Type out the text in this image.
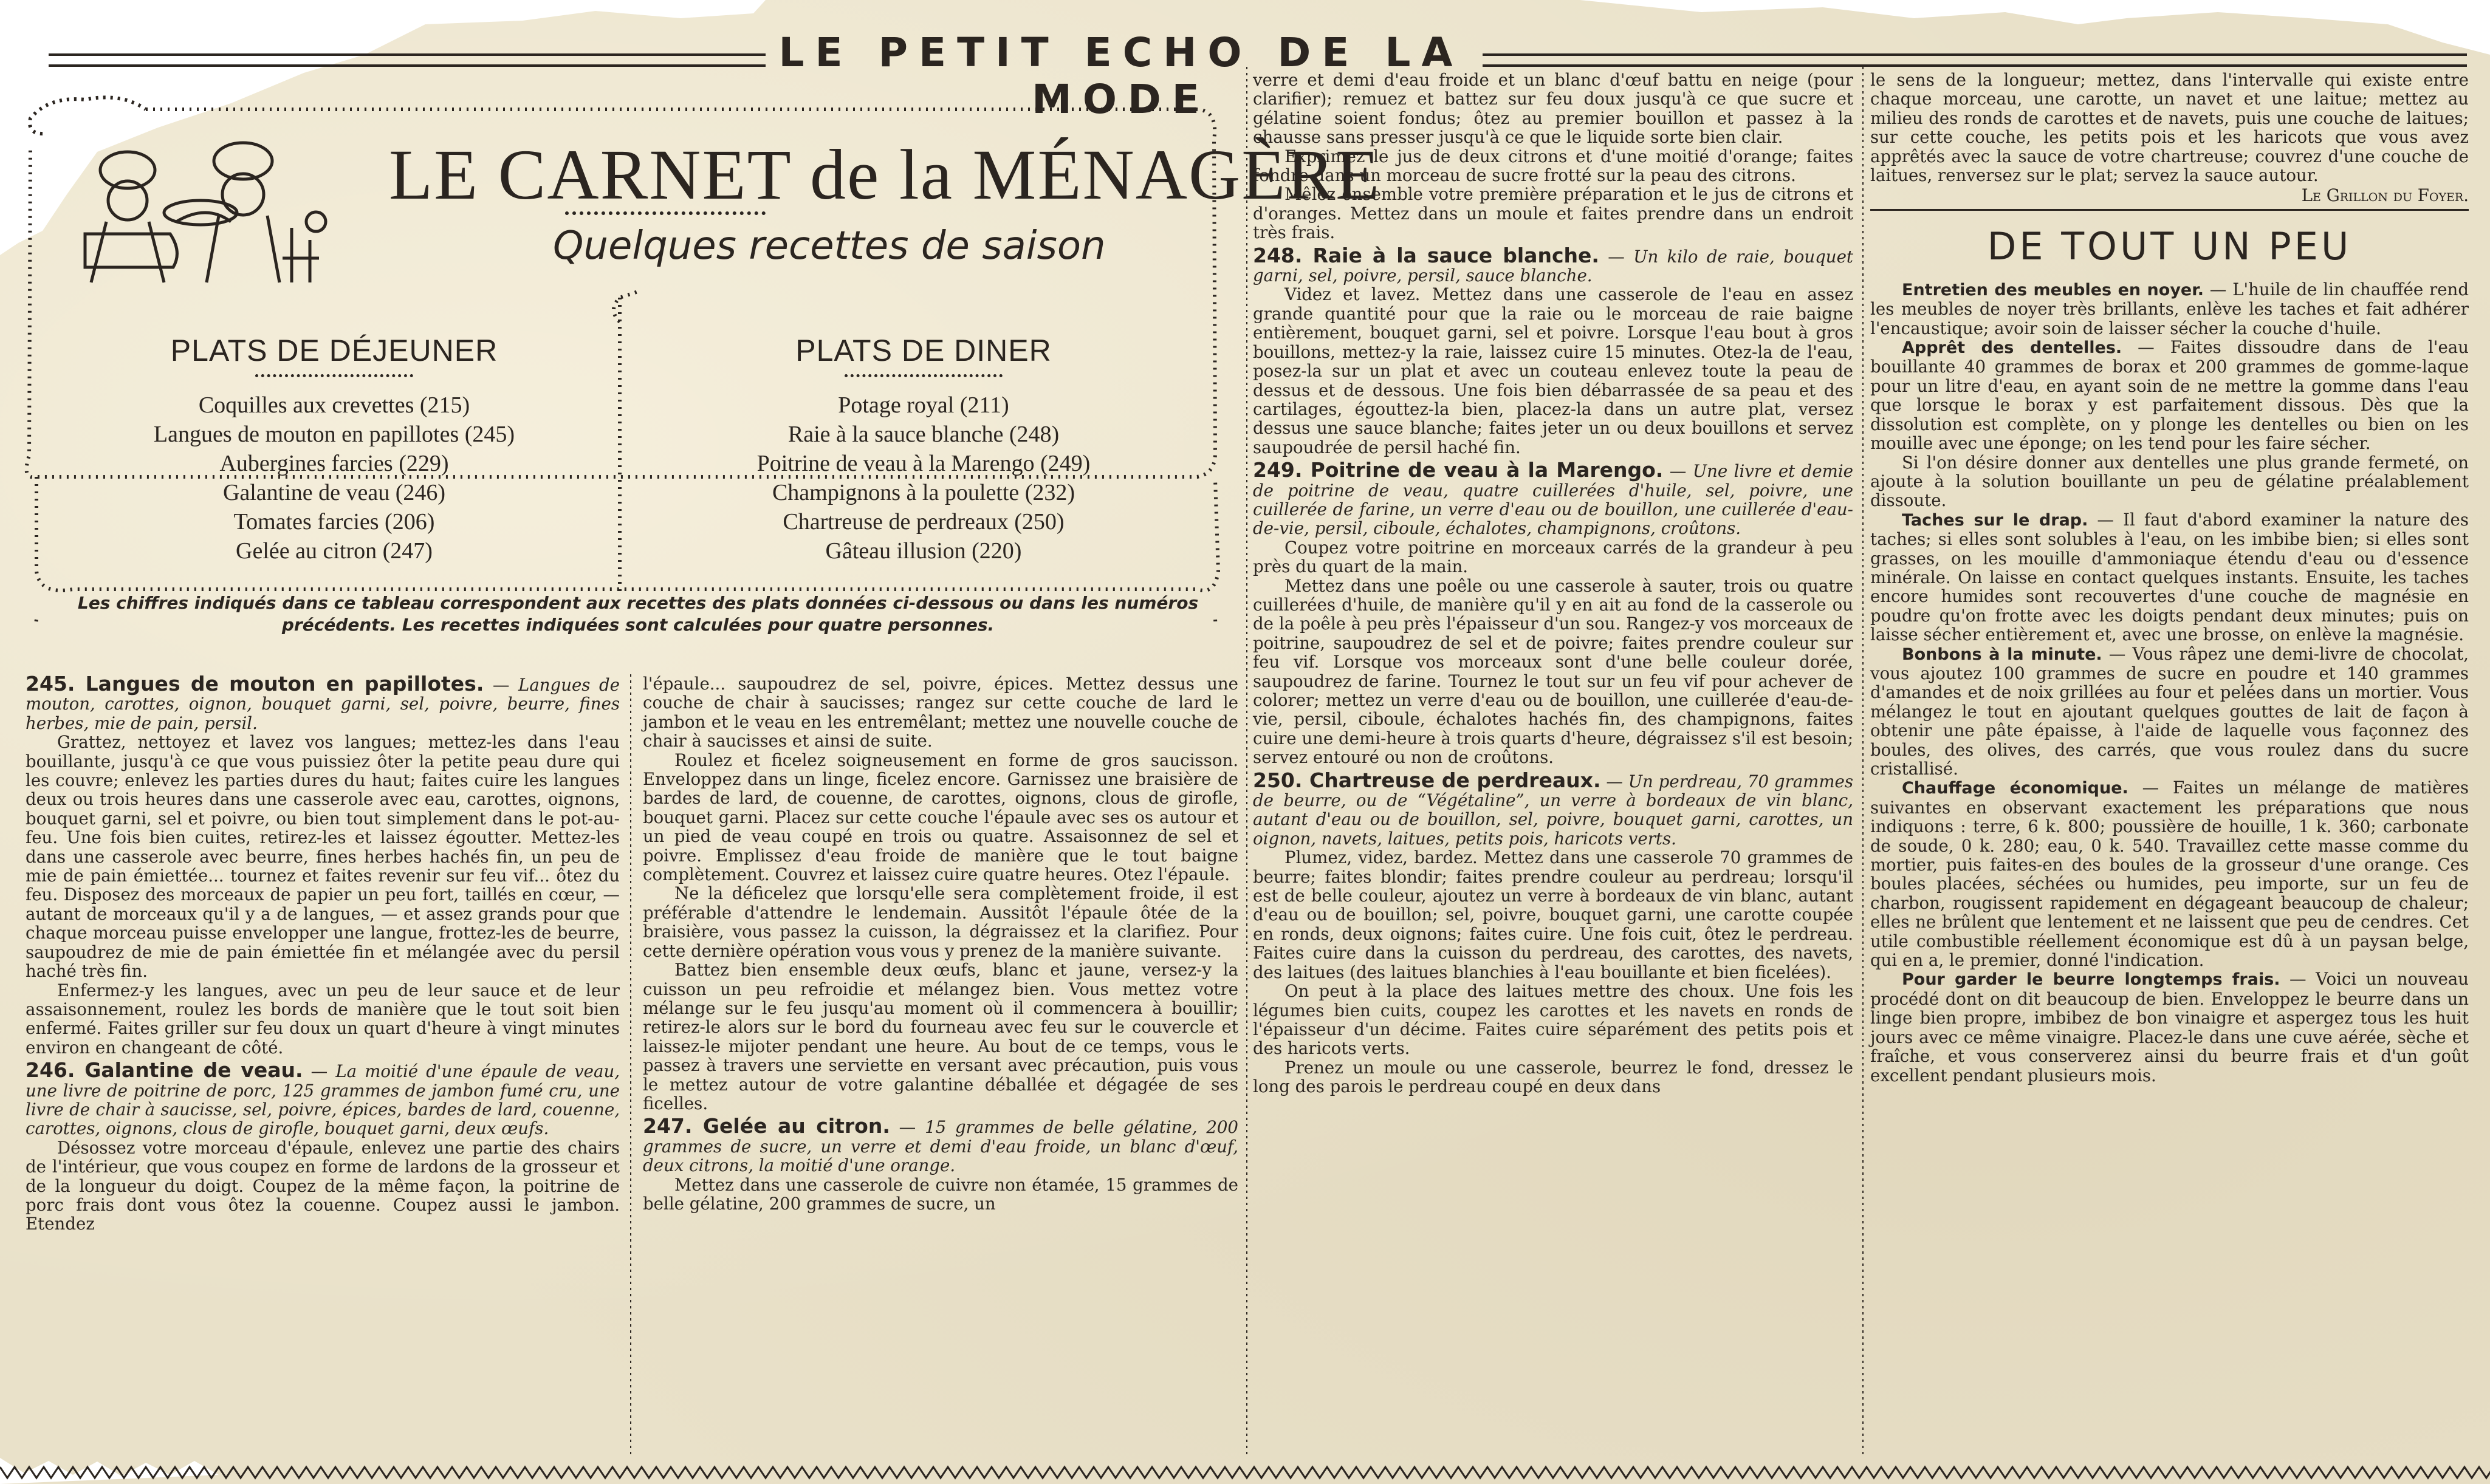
LE PETIT ECHO DE LA MODE
LE CARNET de la MÉNAGÈRE
Quelques recettes de saison
PLATS DE DÉJEUNER
Coquilles aux crevettes (215)
Langues de mouton en papillotes (245)
Aubergines farcies (229)
Galantine de veau (246)
Tomates farcies (206)
Gelée au citron (247)
PLATS DE DINER
Potage royal (211)
Raie à la sauce blanche (248)
Poitrine de veau à la Marengo (249)
Champignons à la poulette (232)
Chartreuse de perdreaux (250)
Gâteau illusion (220)
Les chiffres indiqués dans ce tableau correspondent aux recettes des plats données ci-dessous ou dans les numéros
précédents. Les recettes indiquées sont calculées pour quatre personnes.

245. Langues de mouton en papillotes. — Langues de mouton, carottes, oignon, bouquet garni, sel, poivre, beurre, fines herbes, mie de pain, persil.

Grattez, nettoyez et lavez vos langues; mettez-les dans l'eau bouillante, jusqu'à ce que vous puissiez ôter la petite peau dure qui les couvre; enlevez les parties dures du haut; faites cuire les langues deux ou trois heures dans une casserole avec eau, carottes, oignons, bouquet garni, sel et poivre, ou bien tout simplement dans le pot-au-feu. Une fois bien cuites, retirez-les et laissez égoutter. Mettez-les dans une casserole avec beurre, fines herbes hachés fin, un peu de mie de pain émiettée... tournez et faites revenir sur feu vif... ôtez du feu. Disposez des morceaux de papier un peu fort, taillés en cœur, — autant de morceaux qu'il y a de langues, — et assez grands pour que chaque morceau puisse envelopper une langue, frottez-les de beurre, saupoudrez de mie de pain émiettée fin et mélangée avec du persil haché très fin.

Enfermez-y les langues, avec un peu de leur sauce et de leur assaisonnement, roulez les bords de manière que le tout soit bien enfermé. Faites griller sur feu doux un quart d'heure à vingt minutes environ en changeant de côté.

246. Galantine de veau. — La moitié d'une épaule de veau, une livre de poitrine de porc, 125 grammes de jambon fumé cru, une livre de chair à saucisse, sel, poivre, épices, bardes de lard, couenne, carottes, oignons, clous de girofle, bouquet garni, deux œufs.

Désossez votre morceau d'épaule, enlevez une partie des chairs de l'intérieur, que vous coupez en forme de lardons de la grosseur et de la longueur du doigt. Coupez de la même façon, la poitrine de porc frais dont vous ôtez la couenne. Coupez aussi le jambon. Etendez

l'épaule... saupoudrez de sel, poivre, épices. Mettez dessus une couche de chair à saucisses; rangez sur cette couche de lard le jambon et le veau en les entremêlant; mettez une nouvelle couche de chair à saucisses et ainsi de suite.

Roulez et ficelez soigneusement en forme de gros saucisson. Enveloppez dans un linge, ficelez encore. Garnissez une braisière de bardes de lard, de couenne, de carottes, oignons, clous de girofle, bouquet garni. Placez sur cette couche l'épaule avec ses os autour et un pied de veau coupé en trois ou quatre. Assaisonnez de sel et poivre. Emplissez d'eau froide de manière que le tout baigne complètement. Couvrez et laissez cuire quatre heures. Otez l'épaule.

Ne la déficelez que lorsqu'elle sera complètement froide, il est préférable d'attendre le lendemain. Aussitôt l'épaule ôtée de la braisière, vous passez la cuisson, la dégraissez et la clarifiez. Pour cette dernière opération vous vous y prenez de la manière suivante.

Battez bien ensemble deux œufs, blanc et jaune, versez-y la cuisson un peu refroidie et mélangez bien. Vous mettez votre mélange sur le feu jusqu'au moment où il commencera à bouillir; retirez-le alors sur le bord du fourneau avec feu sur le couvercle et laissez-le mijoter pendant une heure. Au bout de ce temps, vous le passez à travers une serviette en versant avec précaution, puis vous le mettez autour de votre galantine déballée et dégagée de ses ficelles.

247. Gelée au citron. — 15 grammes de belle gélatine, 200 grammes de sucre, un verre et demi d'eau froide, un blanc d'œuf, deux citrons, la moitié d'une orange.

Mettez dans une casserole de cuivre non étamée, 15 grammes de belle gélatine, 200 grammes de sucre, un

verre et demi d'eau froide et un blanc d'œuf battu en neige (pour clarifier); remuez et battez sur feu doux jusqu'à ce que sucre et gélatine soient fondus; ôtez au premier bouillon et passez à la chausse sans presser jusqu'à ce que le liquide sorte bien clair.

Exprimez le jus de deux citrons et d'une moitié d'orange; faites fondre dans un morceau de sucre frotté sur la peau des citrons.

Mêlez ensemble votre première préparation et le jus de citrons et d'oranges. Mettez dans un moule et faites prendre dans un endroit très frais.

248. Raie à la sauce blanche. — Un kilo de raie, bouquet garni, sel, poivre, persil, sauce blanche.

Videz et lavez. Mettez dans une casserole de l'eau en assez grande quantité pour que la raie ou le morceau de raie baigne entièrement, bouquet garni, sel et poivre. Lorsque l'eau bout à gros bouillons, mettez-y la raie, laissez cuire 15 minutes. Otez-la de l'eau, posez-la sur un plat et avec un couteau enlevez toute la peau de dessus et de dessous. Une fois bien débarrassée de sa peau et des cartilages, égouttez-la bien, placez-la dans un autre plat, versez dessus une sauce blanche; faites jeter un ou deux bouillons et servez saupoudrée de persil haché fin.

249. Poitrine de veau à la Marengo. — Une livre et demie de poitrine de veau, quatre cuillerées d'huile, sel, poivre, une cuillerée de farine, un verre d'eau ou de bouillon, une cuillerée d'eau-de-vie, persil, ciboule, échalotes, champignons, croûtons.

Coupez votre poitrine en morceaux carrés de la grandeur à peu près du quart de la main.

Mettez dans une poêle ou une casserole à sauter, trois ou quatre cuillerées d'huile, de manière qu'il y en ait au fond de la casserole ou de la poêle à peu près l'épaisseur d'un sou. Rangez-y vos morceaux de poitrine, saupoudrez de sel et de poivre; faites prendre couleur sur feu vif. Lorsque vos morceaux sont d'une belle couleur dorée, saupoudrez de farine. Tournez le tout sur un feu vif pour achever de colorer; mettez un verre d'eau ou de bouillon, une cuillerée d'eau-de-vie, persil, ciboule, échalotes hachés fin, des champignons, faites cuire une demi-heure à trois quarts d'heure, dégraissez s'il est besoin; servez entouré ou non de croûtons.

250. Chartreuse de perdreaux. — Un perdreau, 70 grammes de beurre, ou de “Végétaline”, un verre à bordeaux de vin blanc, autant d'eau ou de bouillon, sel, poivre, bouquet garni, carottes, un oignon, navets, laitues, petits pois, haricots verts.

Plumez, videz, bardez. Mettez dans une casserole 70 grammes de beurre; faites blondir; faites prendre couleur au perdreau; lorsqu'il est de belle couleur, ajoutez un verre à bordeaux de vin blanc, autant d'eau ou de bouillon; sel, poivre, bouquet garni, une carotte coupée en ronds, deux oignons; faites cuire. Une fois cuit, ôtez le perdreau. Faites cuire dans la cuisson du perdreau, des carottes, des navets, des laitues (des laitues blanchies à l'eau bouillante et bien ficelées).

On peut à la place des laitues mettre des choux. Une fois les légumes bien cuits, coupez les carottes et les navets en ronds de l'épaisseur d'un décime. Faites cuire séparément des petits pois et des haricots verts.

Prenez un moule ou une casserole, beurrez le fond, dressez le long des parois le perdreau coupé en deux dans

le sens de la longueur; mettez, dans l'intervalle qui existe entre chaque morceau, une carotte, un navet et une laitue; mettez au milieu des ronds de carottes et de navets, puis une couche de laitues; sur cette couche, les petits pois et les haricots que vous avez apprêtés avec la sauce de votre chartreuse; couvrez d'une couche de laitues, renversez sur le plat; servez la sauce autour.

Le Grillon du Foyer.
DE TOUT UN PEU

Entretien des meubles en noyer. — L'huile de lin chauffée rend les meubles de noyer très brillants, enlève les taches et fait adhérer l'encaustique; avoir soin de laisser sécher la couche d'huile.

Apprêt des dentelles. — Faites dissoudre dans de l'eau bouillante 40 grammes de borax et 200 grammes de gomme-laque pour un litre d'eau, en ayant soin de ne mettre la gomme dans l'eau que lorsque le borax y est parfaitement dissous. Dès que la dissolution est complète, on y plonge les dentelles ou bien on les mouille avec une éponge; on les tend pour les faire sécher.

Si l'on désire donner aux dentelles une plus grande fermeté, on ajoute à la solution bouillante un peu de gélatine préalablement dissoute.

Taches sur le drap. — Il faut d'abord examiner la nature des taches; si elles sont solubles à l'eau, on les imbibe bien; si elles sont grasses, on les mouille d'ammoniaque étendu d'eau ou d'essence minérale. On laisse en contact quelques instants. Ensuite, les taches encore humides sont recouvertes d'une couche de magnésie en poudre qu'on frotte avec les doigts pendant deux minutes; puis on laisse sécher entièrement et, avec une brosse, on enlève la magnésie.

Bonbons à la minute. — Vous râpez une demi-livre de chocolat, vous ajoutez 100 grammes de sucre en poudre et 140 grammes d'amandes et de noix grillées au four et pelées dans un mortier. Vous mélangez le tout en ajoutant quelques gouttes de lait de façon à obtenir une pâte épaisse, à l'aide de laquelle vous façonnez des boules, des olives, des carrés, que vous roulez dans du sucre cristallisé.

Chauffage économique. — Faites un mélange de matières suivantes en observant exactement les préparations que nous indiquons : terre, 6 k. 800; poussière de houille, 1 k. 360; carbonate de soude, 0 k. 280; eau, 0 k. 540. Travaillez cette masse comme du mortier, puis faites-en des boules de la grosseur d'une orange. Ces boules placées, séchées ou humides, peu importe, sur un feu de charbon, rougissent rapidement en dégageant beaucoup de chaleur; elles ne brûlent que lentement et ne laissent que peu de cendres. Cet utile combustible réellement économique est dû à un paysan belge, qui en a, le premier, donné l'indication.

Pour garder le beurre longtemps frais. — Voici un nouveau procédé dont on dit beaucoup de bien. Enveloppez le beurre dans un linge bien propre, imbibez de bon vinaigre et aspergez tous les huit jours avec ce même vinaigre. Placez-le dans une cuve aérée, sèche et fraîche, et vous conserverez ainsi du beurre frais et d'un goût excellent pendant plusieurs mois.
